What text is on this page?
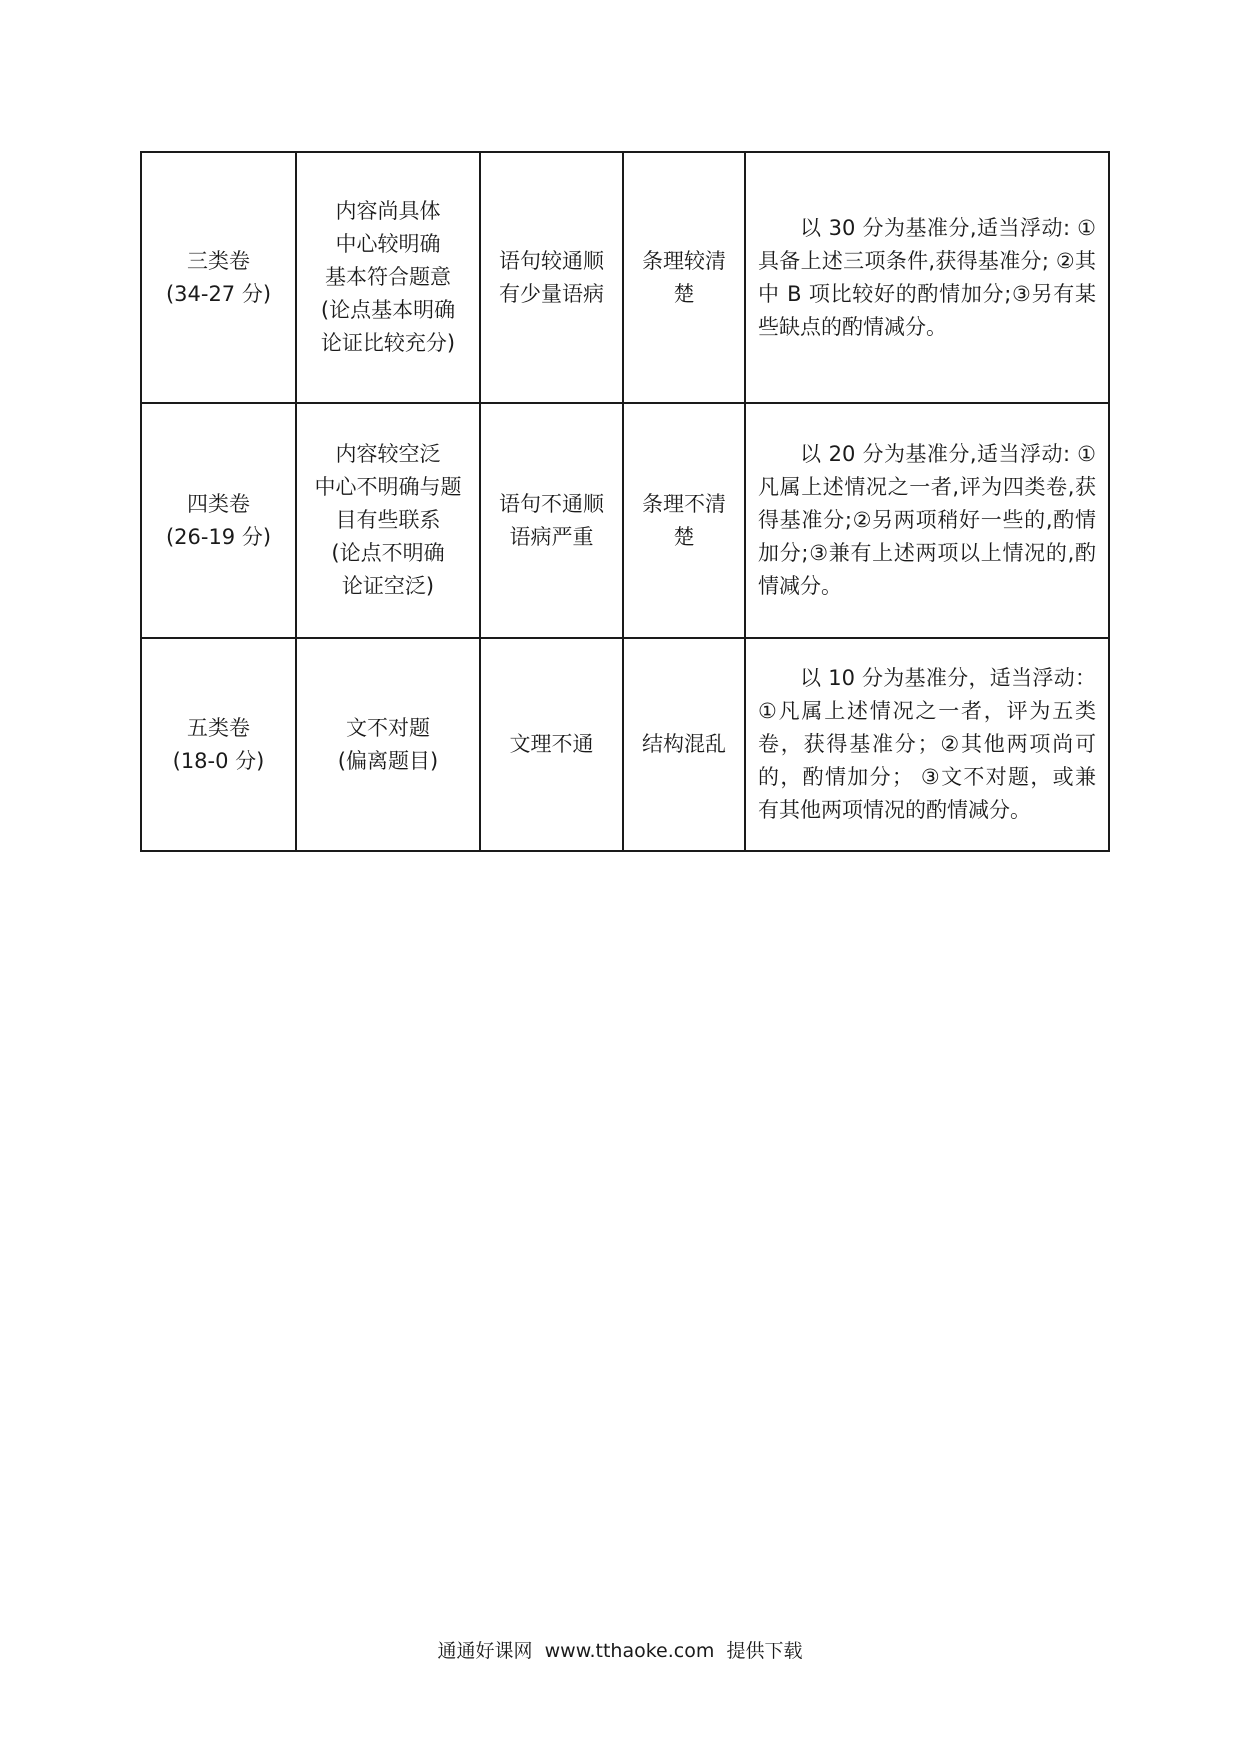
三类卷
(34-27 分)	内容尚具体
中心较明确
基本符合题意
(论点基本明确
论证比较充分)	语句较通顺
有少量语病	条理较清
楚	以 30 分为基准分,适当浮动: ①具备上述三项条件,获得基准分; ②其中 B 项比较好的酌情加分;③另有某些缺点的酌情减分。

四类卷
(26-19 分)	内容较空泛
中心不明确与题
目有些联系
(论点不明确
论证空泛)	语句不通顺
语病严重	条理不清
楚	以 20 分为基准分,适当浮动: ①凡属上述情况之一者,评为四类卷,获得基准分;②另两项稍好一些的,酌情加分;③兼有上述两项以上情况的,酌情减分。

五类卷
(18-0 分)	文不对题
(偏离题目)	文理不通	结构混乱	以 10 分为基准分，适当浮动：①凡属上述情况之一者，评为五类卷，获得基准分；②其他两项尚可的，酌情加分； ③文不对题，或兼有其他两项情况的酌情减分。
通通好课网  www.tthaoke.com  提供下载
